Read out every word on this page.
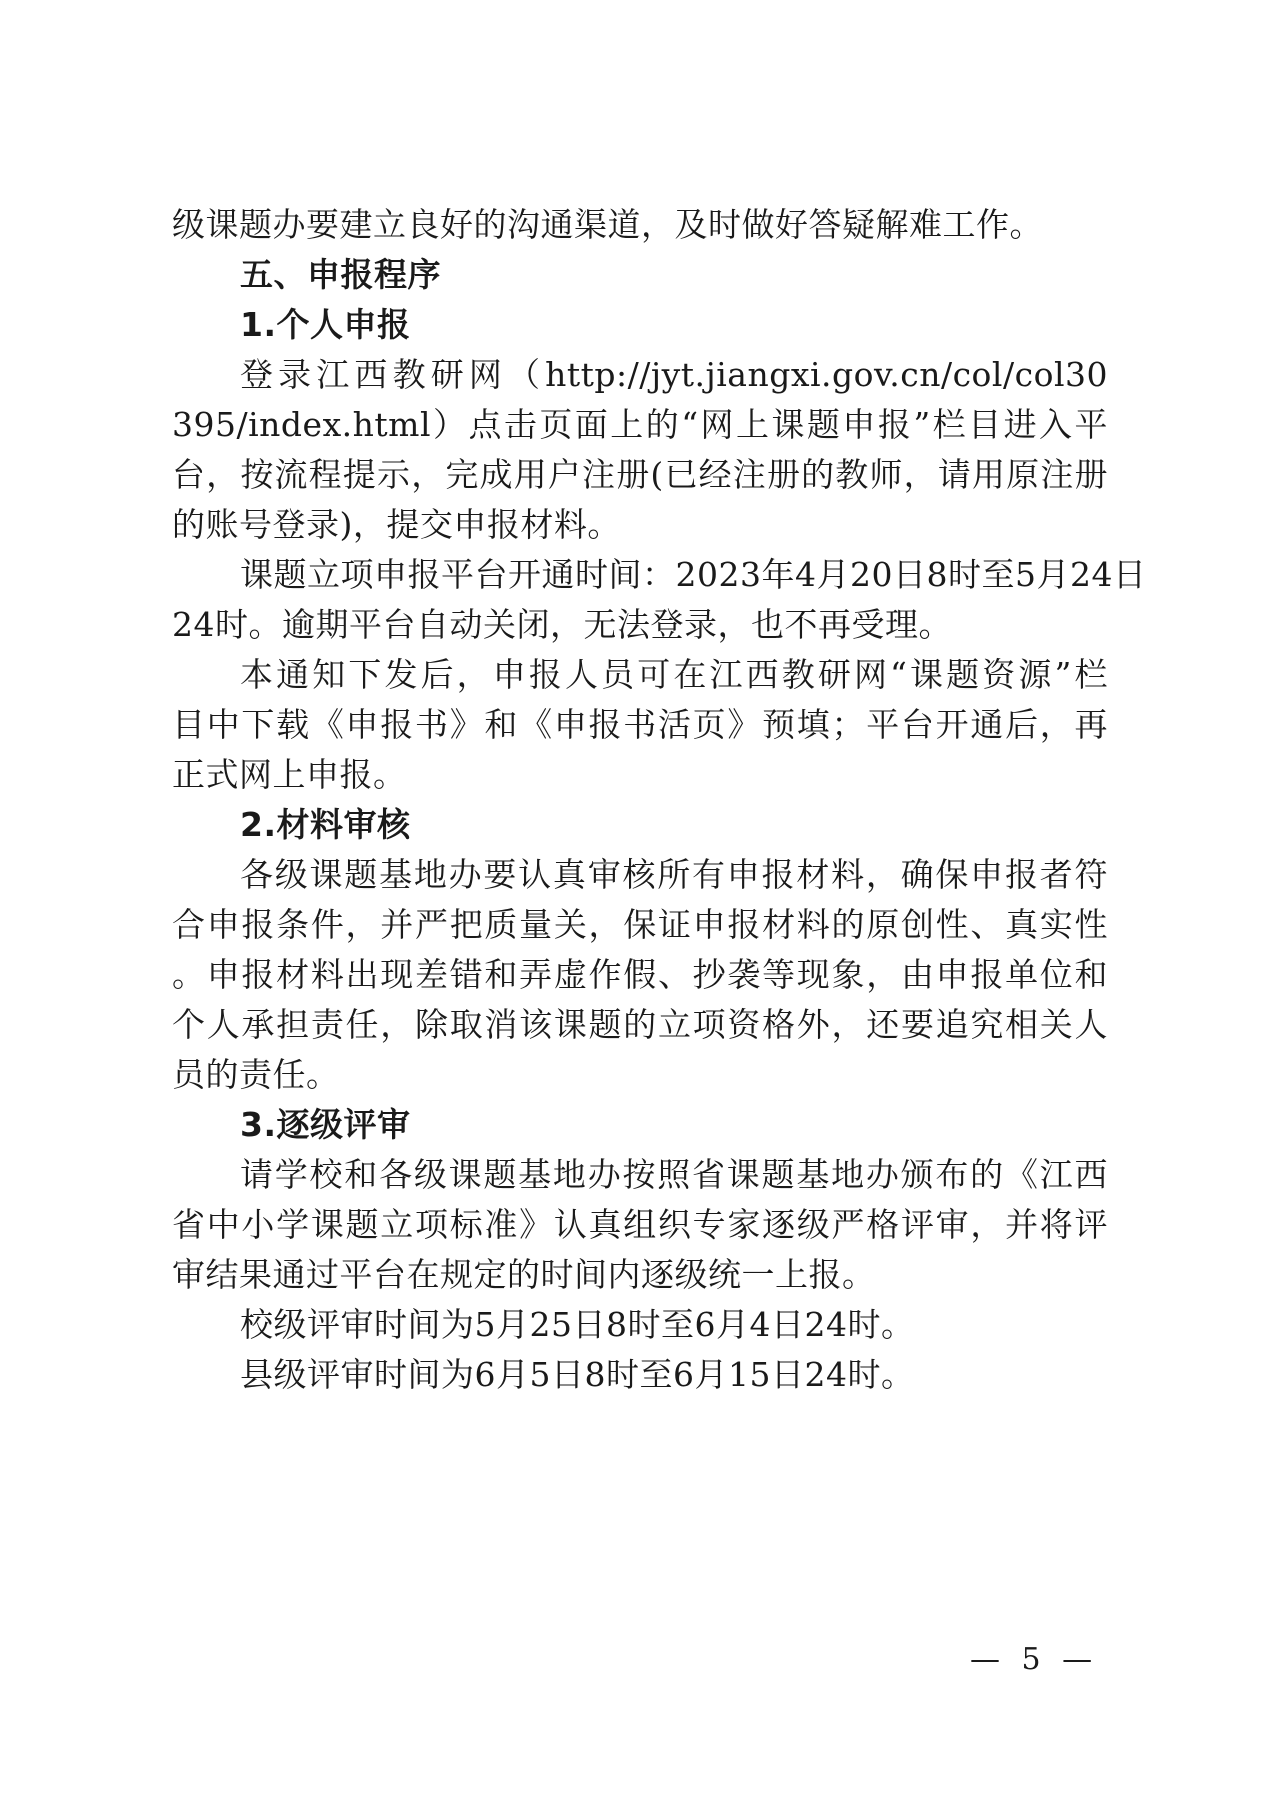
级课题办要建立良好的沟通渠道，及时做好答疑解难工作。
五、申报程序
1.个人申报
登录江西教研网（http://jyt.jiangxi.gov.cn/col/col30
395/index.html）点击页面上的“网上课题申报”栏目进入平
台，按流程提示，完成用户注册(已经注册的教师，请用原注册
的账号登录)，提交申报材料。
课题立项申报平台开通时间：2023年4月20日8时至5月24日
24时。逾期平台自动关闭，无法登录，也不再受理。
本通知下发后，申报人员可在江西教研网“课题资源”栏
目中下载《申报书》和《申报书活页》预填；平台开通后，再
正式网上申报。
2.材料审核
各级课题基地办要认真审核所有申报材料，确保申报者符
合申报条件，并严把质量关，保证申报材料的原创性、真实性
。申报材料出现差错和弄虚作假、抄袭等现象，由申报单位和
个人承担责任，除取消该课题的立项资格外，还要追究相关人
员的责任。
3.逐级评审
请学校和各级课题基地办按照省课题基地办颁布的《江西
省中小学课题立项标准》认真组织专家逐级严格评审，并将评
审结果通过平台在规定的时间内逐级统一上报。
校级评审时间为5月25日8时至6月4日24时。
县级评审时间为6月5日8时至6月15日24时。
— 5 —
